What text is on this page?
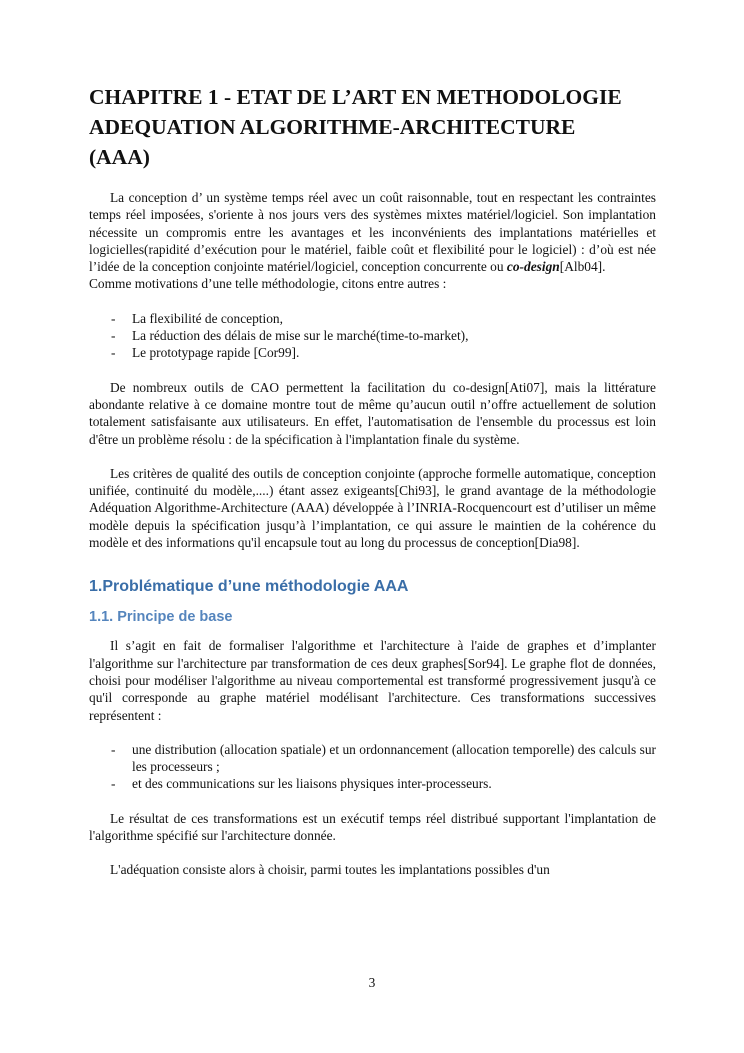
CHAPITRE 1 - ETAT DE L’ART EN METHODOLOGIE
ADEQUATION ALGORITHME-ARCHITECTURE
(AAA)

La conception d’ un système temps réel avec un coût raisonnable, tout en respectant les contraintes temps réel imposées, s'oriente à nos jours vers des systèmes mixtes matériel/logiciel. Son implantation nécessite un compromis entre les avantages et les inconvénients des implantations matérielles et logicielles(rapidité d’exécution pour le matériel, faible coût et flexibilité pour le logiciel) : d’où est née l’idée de la conception conjointe matériel/logiciel, conception concurrente ou co-design[Alb04].

Comme motivations d’une telle méthodologie, citons entre autres :

- La flexibilité de conception,
- La réduction des délais de mise sur le marché(time-to-market),
- Le prototypage rapide [Cor99].

De nombreux outils de CAO permettent la facilitation du co-design[Ati07], mais la littérature abondante relative à ce domaine montre tout de même qu’aucun outil n’offre actuellement de solution totalement satisfaisante aux utilisateurs. En effet, l'automatisation de l'ensemble du processus est loin d'être un problème résolu : de la spécification à l'implantation finale du système.

Les critères de qualité des outils de conception conjointe (approche formelle automatique, conception unifiée, continuité du modèle,....) étant assez exigeants[Chi93], le grand avantage de la méthodologie Adéquation Algorithme-Architecture (AAA) développée à l’INRIA-Rocquencourt est d’utiliser un même modèle depuis la spécification jusqu’à l’implantation, ce qui assure le maintien de la cohérence du modèle et des informations qu'il encapsule tout au long du processus de conception[Dia98].

1.Problématique d’une méthodologie AAA
1.1. Principe de base

Il s’agit en fait de formaliser l'algorithme et l'architecture à l'aide de graphes et d’implanter l'algorithme sur l'architecture par transformation de ces deux graphes[Sor94]. Le graphe flot de données, choisi pour modéliser l'algorithme au niveau comportemental est transformé progressivement jusqu'à ce qu'il corresponde au graphe matériel modélisant l'architecture. Ces transformations successives représentent :

- une distribution (allocation spatiale) et un ordonnancement (allocation temporelle) des calculs sur les processeurs ;
- et des communications sur les liaisons physiques inter-processeurs.

Le résultat de ces transformations est un exécutif temps réel distribué supportant l'implantation de l'algorithme spécifié sur l'architecture donnée.

L'adéquation consiste alors à choisir, parmi toutes les implantations possibles d'un

3
